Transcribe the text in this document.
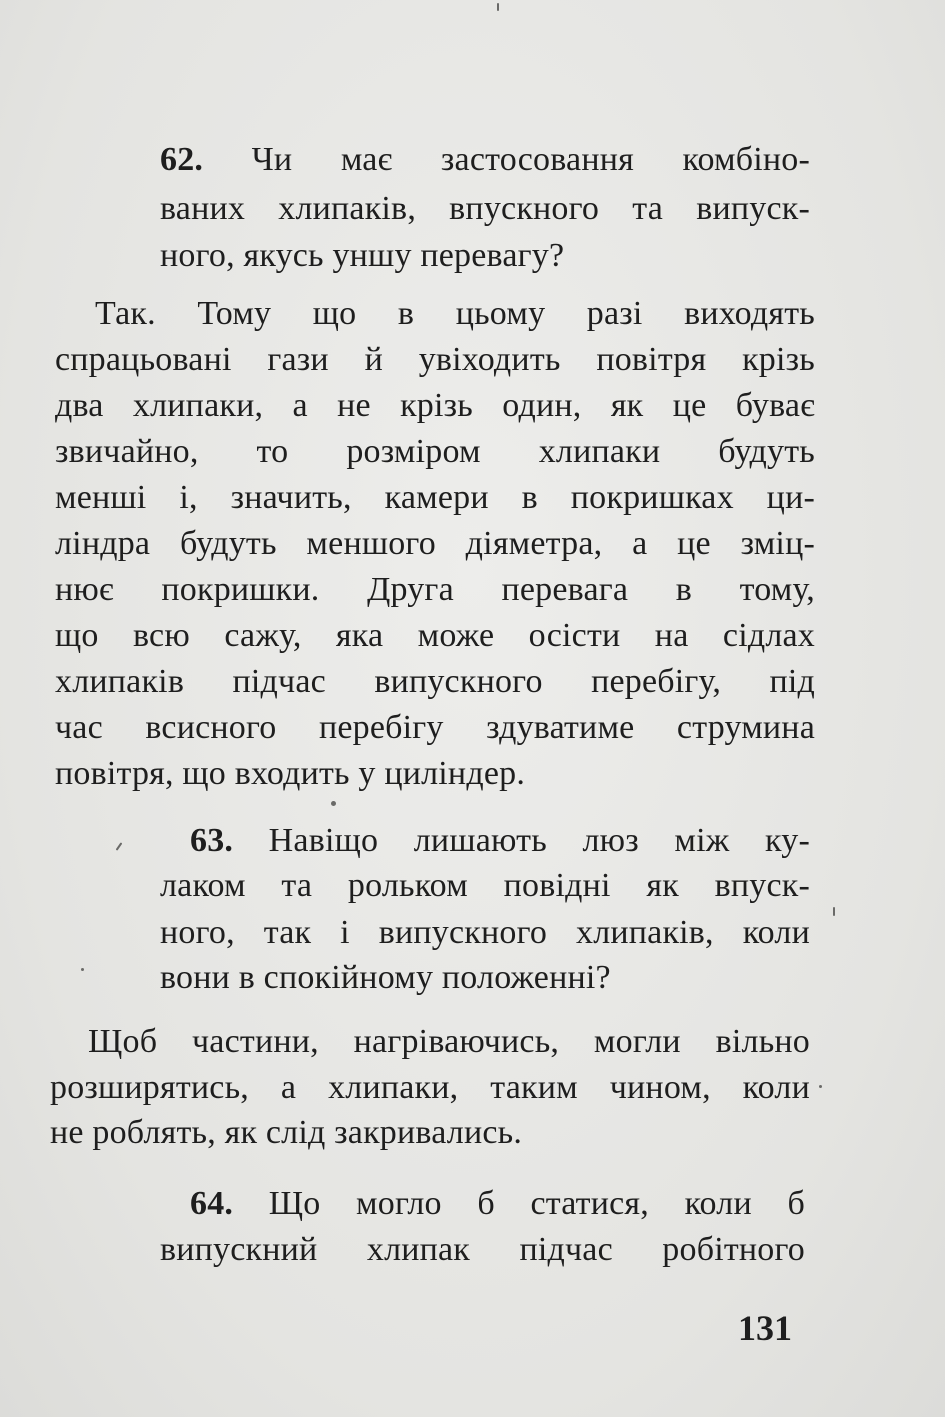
62. Чи має застосовання комбіно-
ваних хлипаків, впускного та випуск-
ного, якусь уншу перевагу?
Так. Тому що в цьому разі виходять
спрацьовані гази й увіходить повітря крізь
два хлипаки, а не крізь один, як це буває
звичайно, то розміром хлипаки будуть
менші і, значить, камери в покришках ци-
ліндра будуть меншого діяметра, а це зміц-
нює покришки. Друга перевага в тому,
що всю сажу, яка може осісти на сідлах
хлипаків підчас випускного перебігу, під
час всисного перебігу здуватиме струмина
повітря, що входить у циліндер.
63. Навіщо лишають люз між ку-
лаком та рольком повідні як впуск-
ного, так і випускного хлипаків, коли
вони в спокійному положенні?
Щоб частини, нагріваючись, могли вільно
розширятись, а хлипаки, таким чином, коли
не роблять, як слід закривались.
64. Що могло б статися, коли б
випускний хлипак підчас робітного
131
